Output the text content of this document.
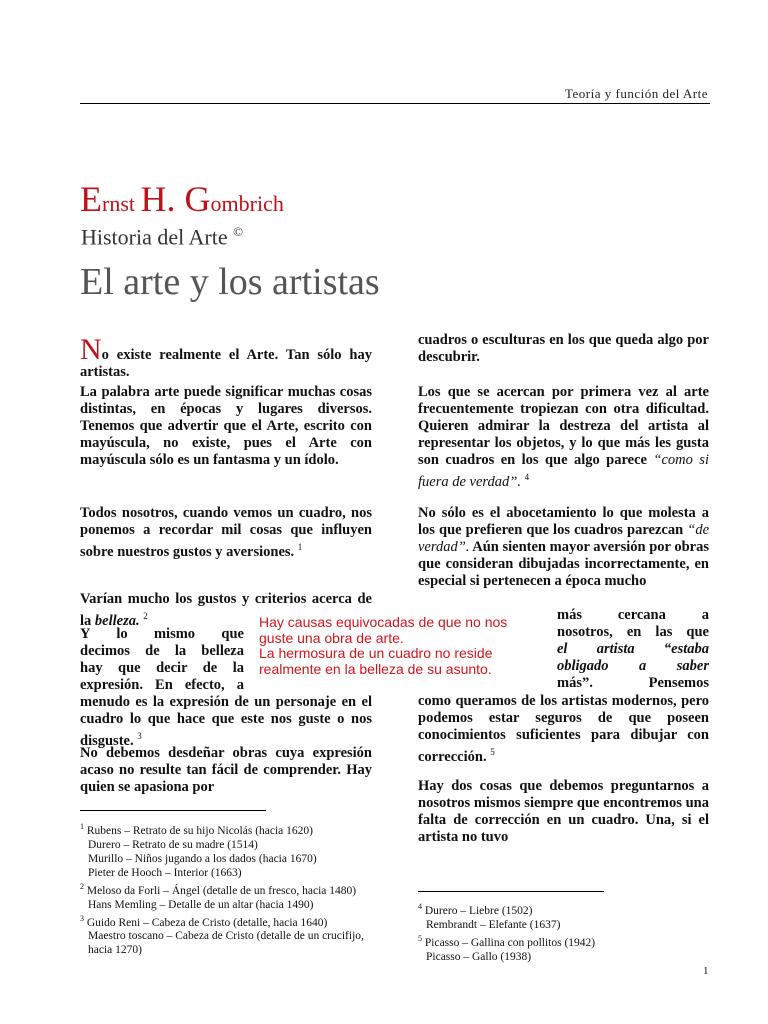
Teoría y función del Arte
Ernst H. Gombrich
Historia del Arte ©
El arte y los artistas
No existe realmente el Arte. Tan sólo hay artistas.
La palabra arte puede significar muchas cosas distintas, en épocas y lugares diversos. Tenemos que advertir que el Arte, escrito con mayúscula, no existe, pues el Arte con mayúscula sólo es un fantasma y un ídolo.
Todos nosotros, cuando vemos un cuadro, nos ponemos a recordar mil cosas que influyen sobre nuestros gustos y aversiones. $^1$
Varían mucho los gustos y criterios acerca de la belleza. $^2$
Y lo mismo que
decimos de la belleza
hay que decir de la
expresión. En efecto, a
menudo es la expresión de un personaje en el cuadro lo que hace que este nos guste o nos disguste. $^3$
No debemos desdeñar obras cuya expresión acaso no resulte tan fácil de comprender. Hay quien se apasiona por
cuadros o esculturas en los que queda algo por descubrir.
Los que se acercan por primera vez al arte frecuentemente tropiezan con otra dificultad. Quieren admirar la destreza del artista al representar los objetos, y lo que más les gusta son cuadros en los que algo parece “como si fuera de verdad”. $^4$
No sólo es el abocetamiento lo que molesta a los que prefieren que los cuadros parezcan “de verdad”. Aún sienten mayor aversión por obras que consideran dibujadas incorrectamente, en especial si pertenecen a época mucho
más cercana a
nosotros, en las que
el artista “estaba
obligado a saber
más”. Pensemos
como queramos de los artistas modernos, pero podemos estar seguros de que poseen conocimientos suficientes para dibujar con corrección. $^5$
Hay dos cosas que debemos preguntarnos a nosotros mismos siempre que encontremos una falta de corrección en un cuadro. Una, si el artista no tuvo
Hay causas equivocadas de que no nos guste una obra de arte.
La hermosura de un cuadro no reside realmente en la belleza de su asunto.
$^1$ Rubens – Retrato de su hijo Nicolás (hacia 1620)
Durero – Retrato de su madre (1514)
Murillo – Niños jugando a los dados (hacia 1670)
Pieter de Hooch – Interior (1663)
$^2$ Meloso da Forli – Ángel (detalle de un fresco, hacia 1480)
Hans Memling – Detalle de un altar (hacia 1490)
$^3$ Guido Reni – Cabeza de Cristo (detalle, hacia 1640)
Maestro toscano – Cabeza de Cristo (detalle de un crucifijo, hacia 1270)
$^4$ Durero – Liebre (1502)
Rembrandt – Elefante (1637)
$^5$ Picasso – Gallina con pollitos (1942)
Picasso – Gallo (1938)
1
